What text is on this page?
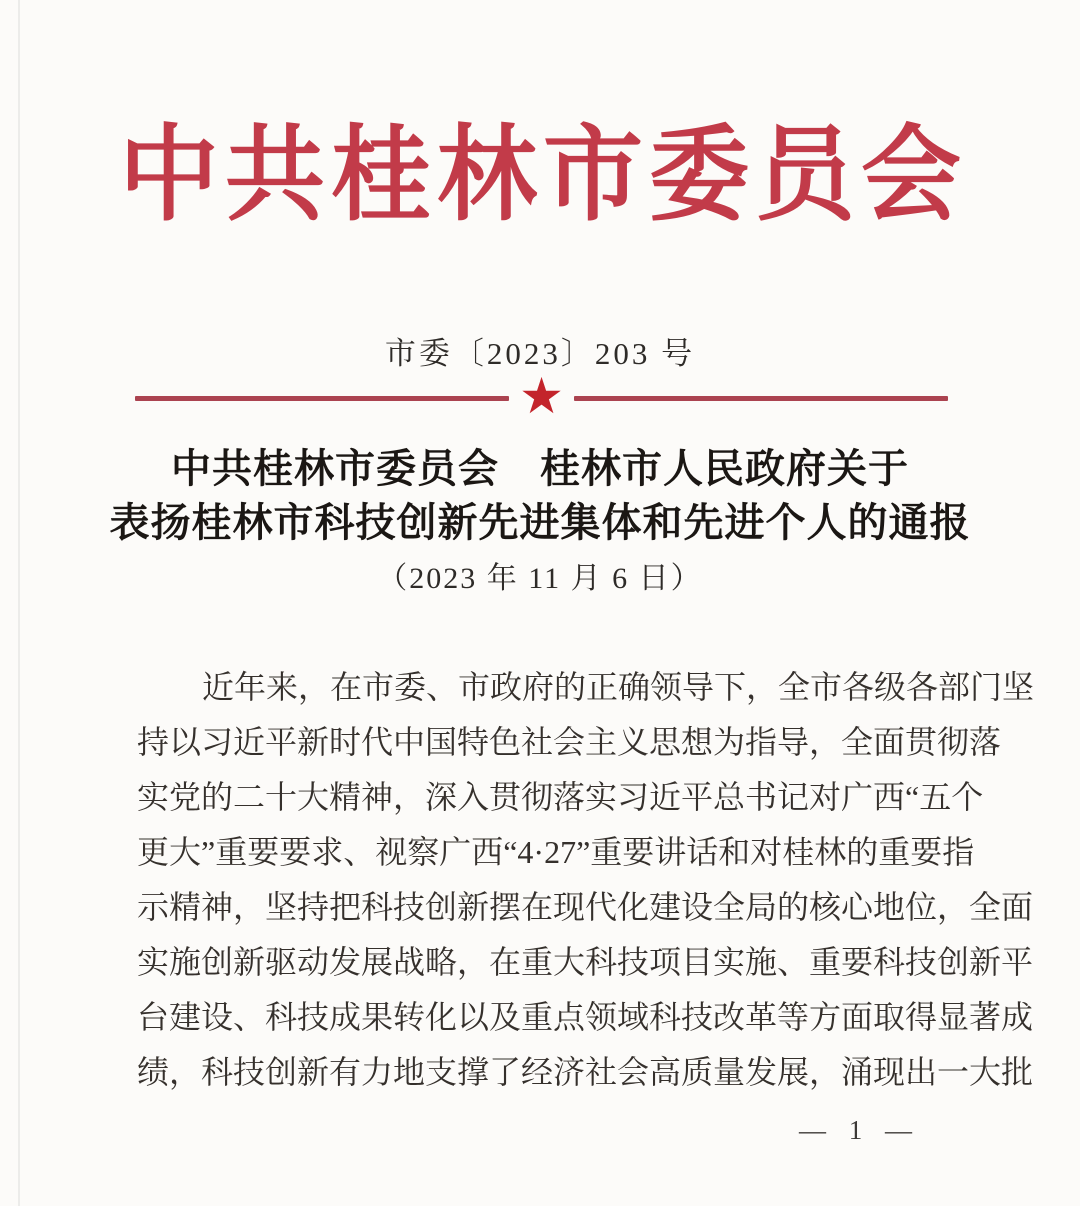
中共桂林市委员会
市委〔2023〕203 号
★
中共桂林市委员会　桂林市人民政府关于
表扬桂林市科技创新先进集体和先进个人的通报
（2023 年 11 月 6 日）
近年来，在市委、市政府的正确领导下，全市各级各部门坚
持以习近平新时代中国特色社会主义思想为指导，全面贯彻落
实党的二十大精神，深入贯彻落实习近平总书记对广西“五个
更大”重要要求、视察广西“4·27”重要讲话和对桂林的重要指
示精神，坚持把科技创新摆在现代化建设全局的核心地位，全面
实施创新驱动发展战略，在重大科技项目实施、重要科技创新平
台建设、科技成果转化以及重点领域科技改革等方面取得显著成
绩，科技创新有力地支撑了经济社会高质量发展，涌现出一大批
— 1 —
